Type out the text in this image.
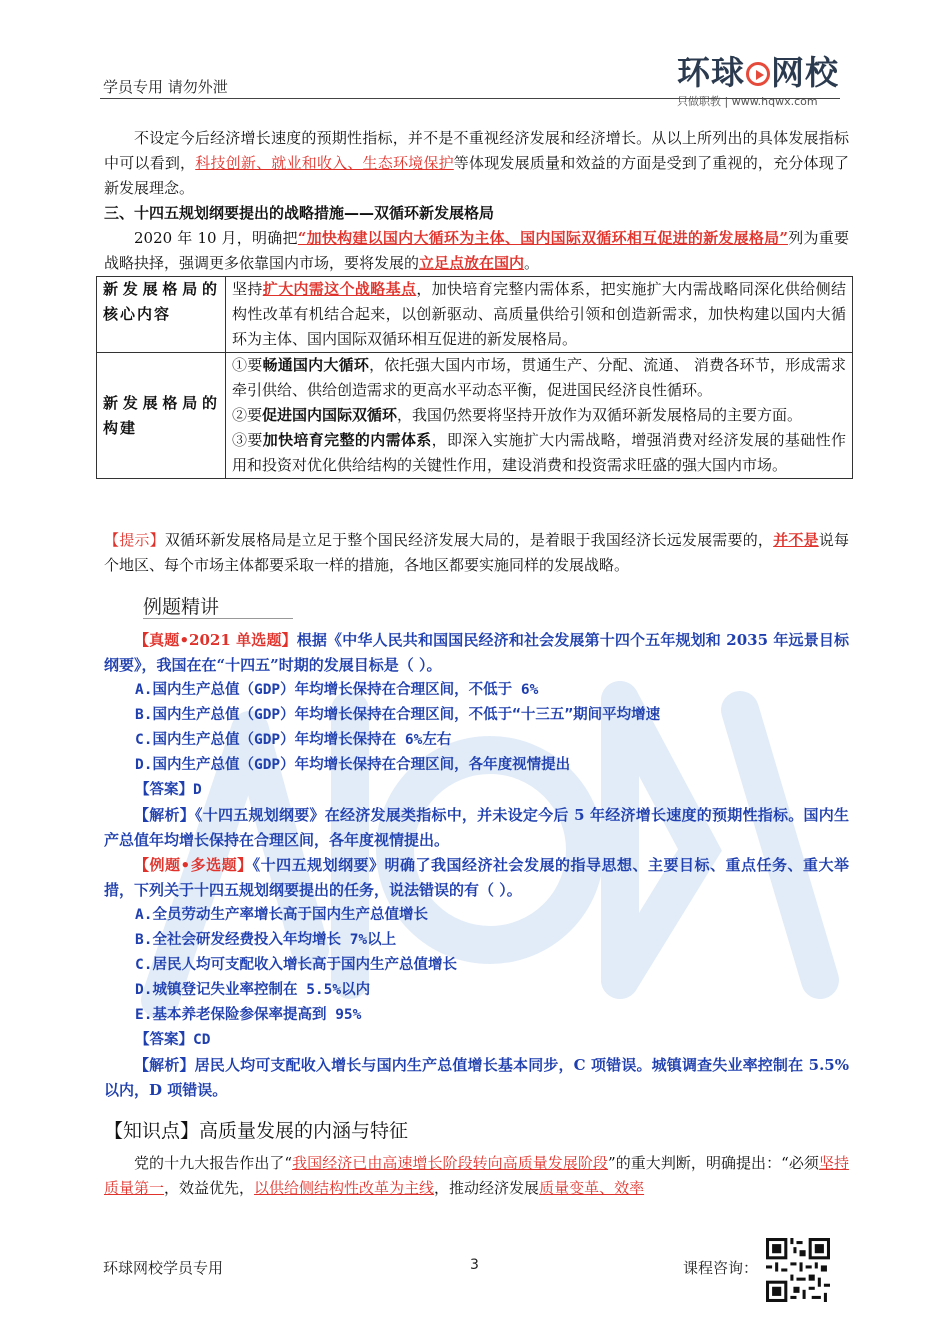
学员专用 请勿外泄	环球 网校
只做职教 | www.hqwx.com
不设定今后经济增长速度的预期性指标，并不是不重视经济发展和经济增长。从以上所列出的具体发展指标中可以看到，科技创新、就业和收入、生态环境保护等体现发展质量和效益的方面是受到了重视的，充分体现了新发展理念。
三、十四五规划纲要提出的战略措施——双循环新发展格局
2020 年 10 月，明确把“加快构建以国内大循环为主体、国内国际双循环相互促进的新发展格局”列为重要战略抉择，强调更多依靠国内市场，要将发展的立足点放在国内。
新发展格局的核心内容	坚持扩大内需这个战略基点，加快培育完整内需体系，把实施扩大内需战略同深化供给侧结构性改革有机结合起来，以创新驱动、高质量供给引领和创造新需求，加快构建以国内大循环为主体、国内国际双循环相互促进的新发展格局。
新发展格局的构建	①要畅通国内大循环，依托强大国内市场，贯通生产、分配、流通、 消费各环节，形成需求牵引供给、供给创造需求的更高水平动态平衡，促进国民经济良性循环。
②要促进国内国际双循环，我国仍然要将坚持开放作为双循环新发展格局的主要方面。
③要加快培育完整的内需体系，即深入实施扩大内需战略，增强消费对经济发展的基础性作用和投资对优化供给结构的关键性作用，建设消费和投资需求旺盛的强大国内市场。
【提示】双循环新发展格局是立足于整个国民经济发展大局的，是着眼于我国经济长远发展需要的，并不是说每个地区、每个市场主体都要采取一样的措施，各地区都要实施同样的发展战略。
例题精讲
【真题•2021 单选题】根据《中华人民共和国国民经济和社会发展第十四个五年规划和 2035 年远景目标纲要》，我国在在“十四五”时期的发展目标是（ ）。
A.国内生产总值（GDP）年均增长保持在合理区间，不低于 6%
B.国内生产总值（GDP）年均增长保持在合理区间，不低于“十三五”期间平均增速
C.国内生产总值（GDP）年均增长保持在 6%左右
D.国内生产总值（GDP）年均增长保持在合理区间，各年度视情提出
【答案】D
【解析】《十四五规划纲要》在经济发展类指标中，并未设定今后 5 年经济增长速度的预期性指标。国内生产总值年均增长保持在合理区间，各年度视情提出。
【例题•多选题】《十四五规划纲要》明确了我国经济社会发展的指导思想、主要目标、重点任务、重大举措，下列关于十四五规划纲要提出的任务，说法错误的有（ ）。
A.全员劳动生产率增长高于国内生产总值增长
B.全社会研发经费投入年均增长 7%以上
C.居民人均可支配收入增长高于国内生产总值增长
D.城镇登记失业率控制在 5.5%以内
E.基本养老保险参保率提高到 95%
【答案】CD
【解析】居民人均可支配收入增长与国内生产总值增长基本同步，C 项错误。城镇调查失业率控制在 5.5%以内，D 项错误。
【知识点】高质量发展的内涵与特征
党的十九大报告作出了“我国经济已由高速增长阶段转向高质量发展阶段”的重大判断，明确提出：“必须坚持质量第一，效益优先，以供给侧结构性改革为主线，推动经济发展质量变革、效率
环球网校学员专用	3	课程咨询：
